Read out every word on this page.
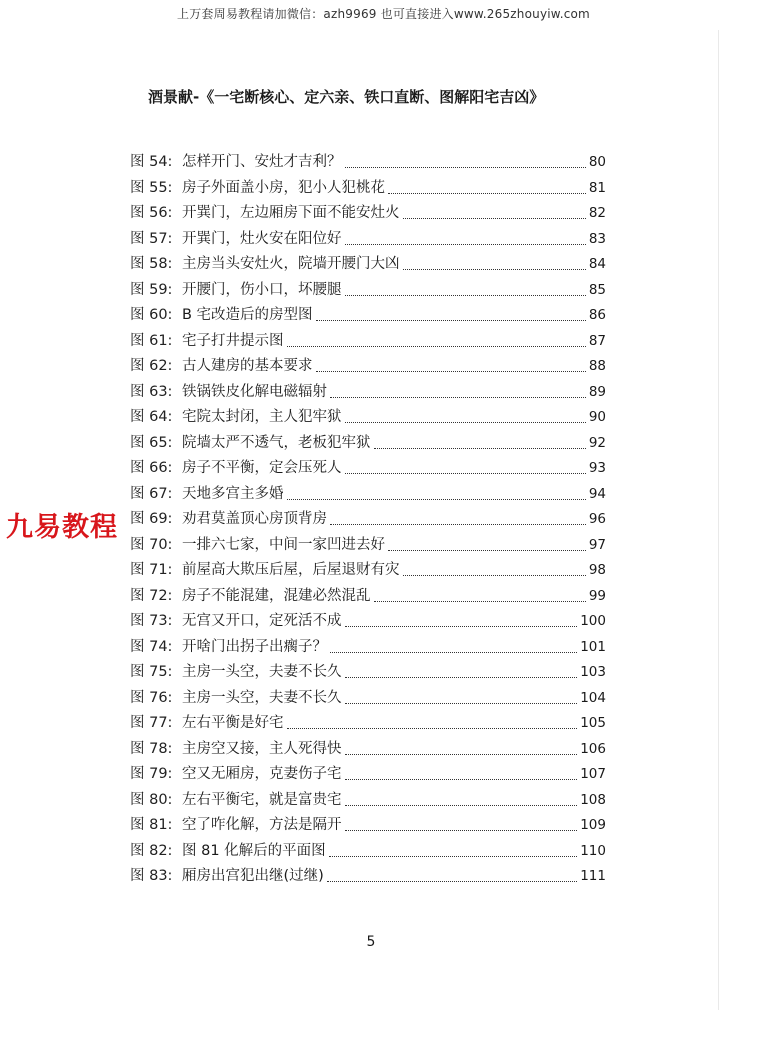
上万套周易教程请加微信：azh9969 也可直接进入www.265zhouyiw.com
酒景献-《一宅断核心、定六亲、铁口直断、图解阳宅吉凶》
图 54: 怎样开门、安灶才吉利？	80
图 55: 房子外面盖小房，犯小人犯桃花	81
图 56: 开巽门，左边厢房下面不能安灶火	82
图 57: 开巽门，灶火安在阳位好	83
图 58: 主房当头安灶火，院墙开腰门大凶	84
图 59: 开腰门，伤小口，坏腰腿	85
图 60: B 宅改造后的房型图	86
图 61: 宅子打井提示图	87
图 62: 古人建房的基本要求	88
图 63: 铁锅铁皮化解电磁辐射	89
图 64: 宅院太封闭，主人犯牢狱	90
图 65: 院墙太严不透气，老板犯牢狱	92
图 66: 房子不平衡，定会压死人	93
图 67: 天地多宫主多婚	94
图 69: 劝君莫盖顶心房顶背房	96
图 70: 一排六七家，中间一家凹进去好	97
图 71: 前屋高大欺压后屋，后屋退财有灾	98
图 72: 房子不能混建，混建必然混乱	99
图 73: 无宫又开口，定死活不成	100
图 74: 开啥门出拐子出瘸子？	101
图 75: 主房一头空，夫妻不长久	103
图 76: 主房一头空，夫妻不长久	104
图 77: 左右平衡是好宅	105
图 78: 主房空又接，主人死得快	106
图 79: 空又无厢房，克妻伤子宅	107
图 80: 左右平衡宅，就是富贵宅	108
图 81: 空了咋化解，方法是隔开	109
图 82: 图 81 化解后的平面图	110
图 83: 厢房出宫犯出继(过继)	111
九易教程
5
